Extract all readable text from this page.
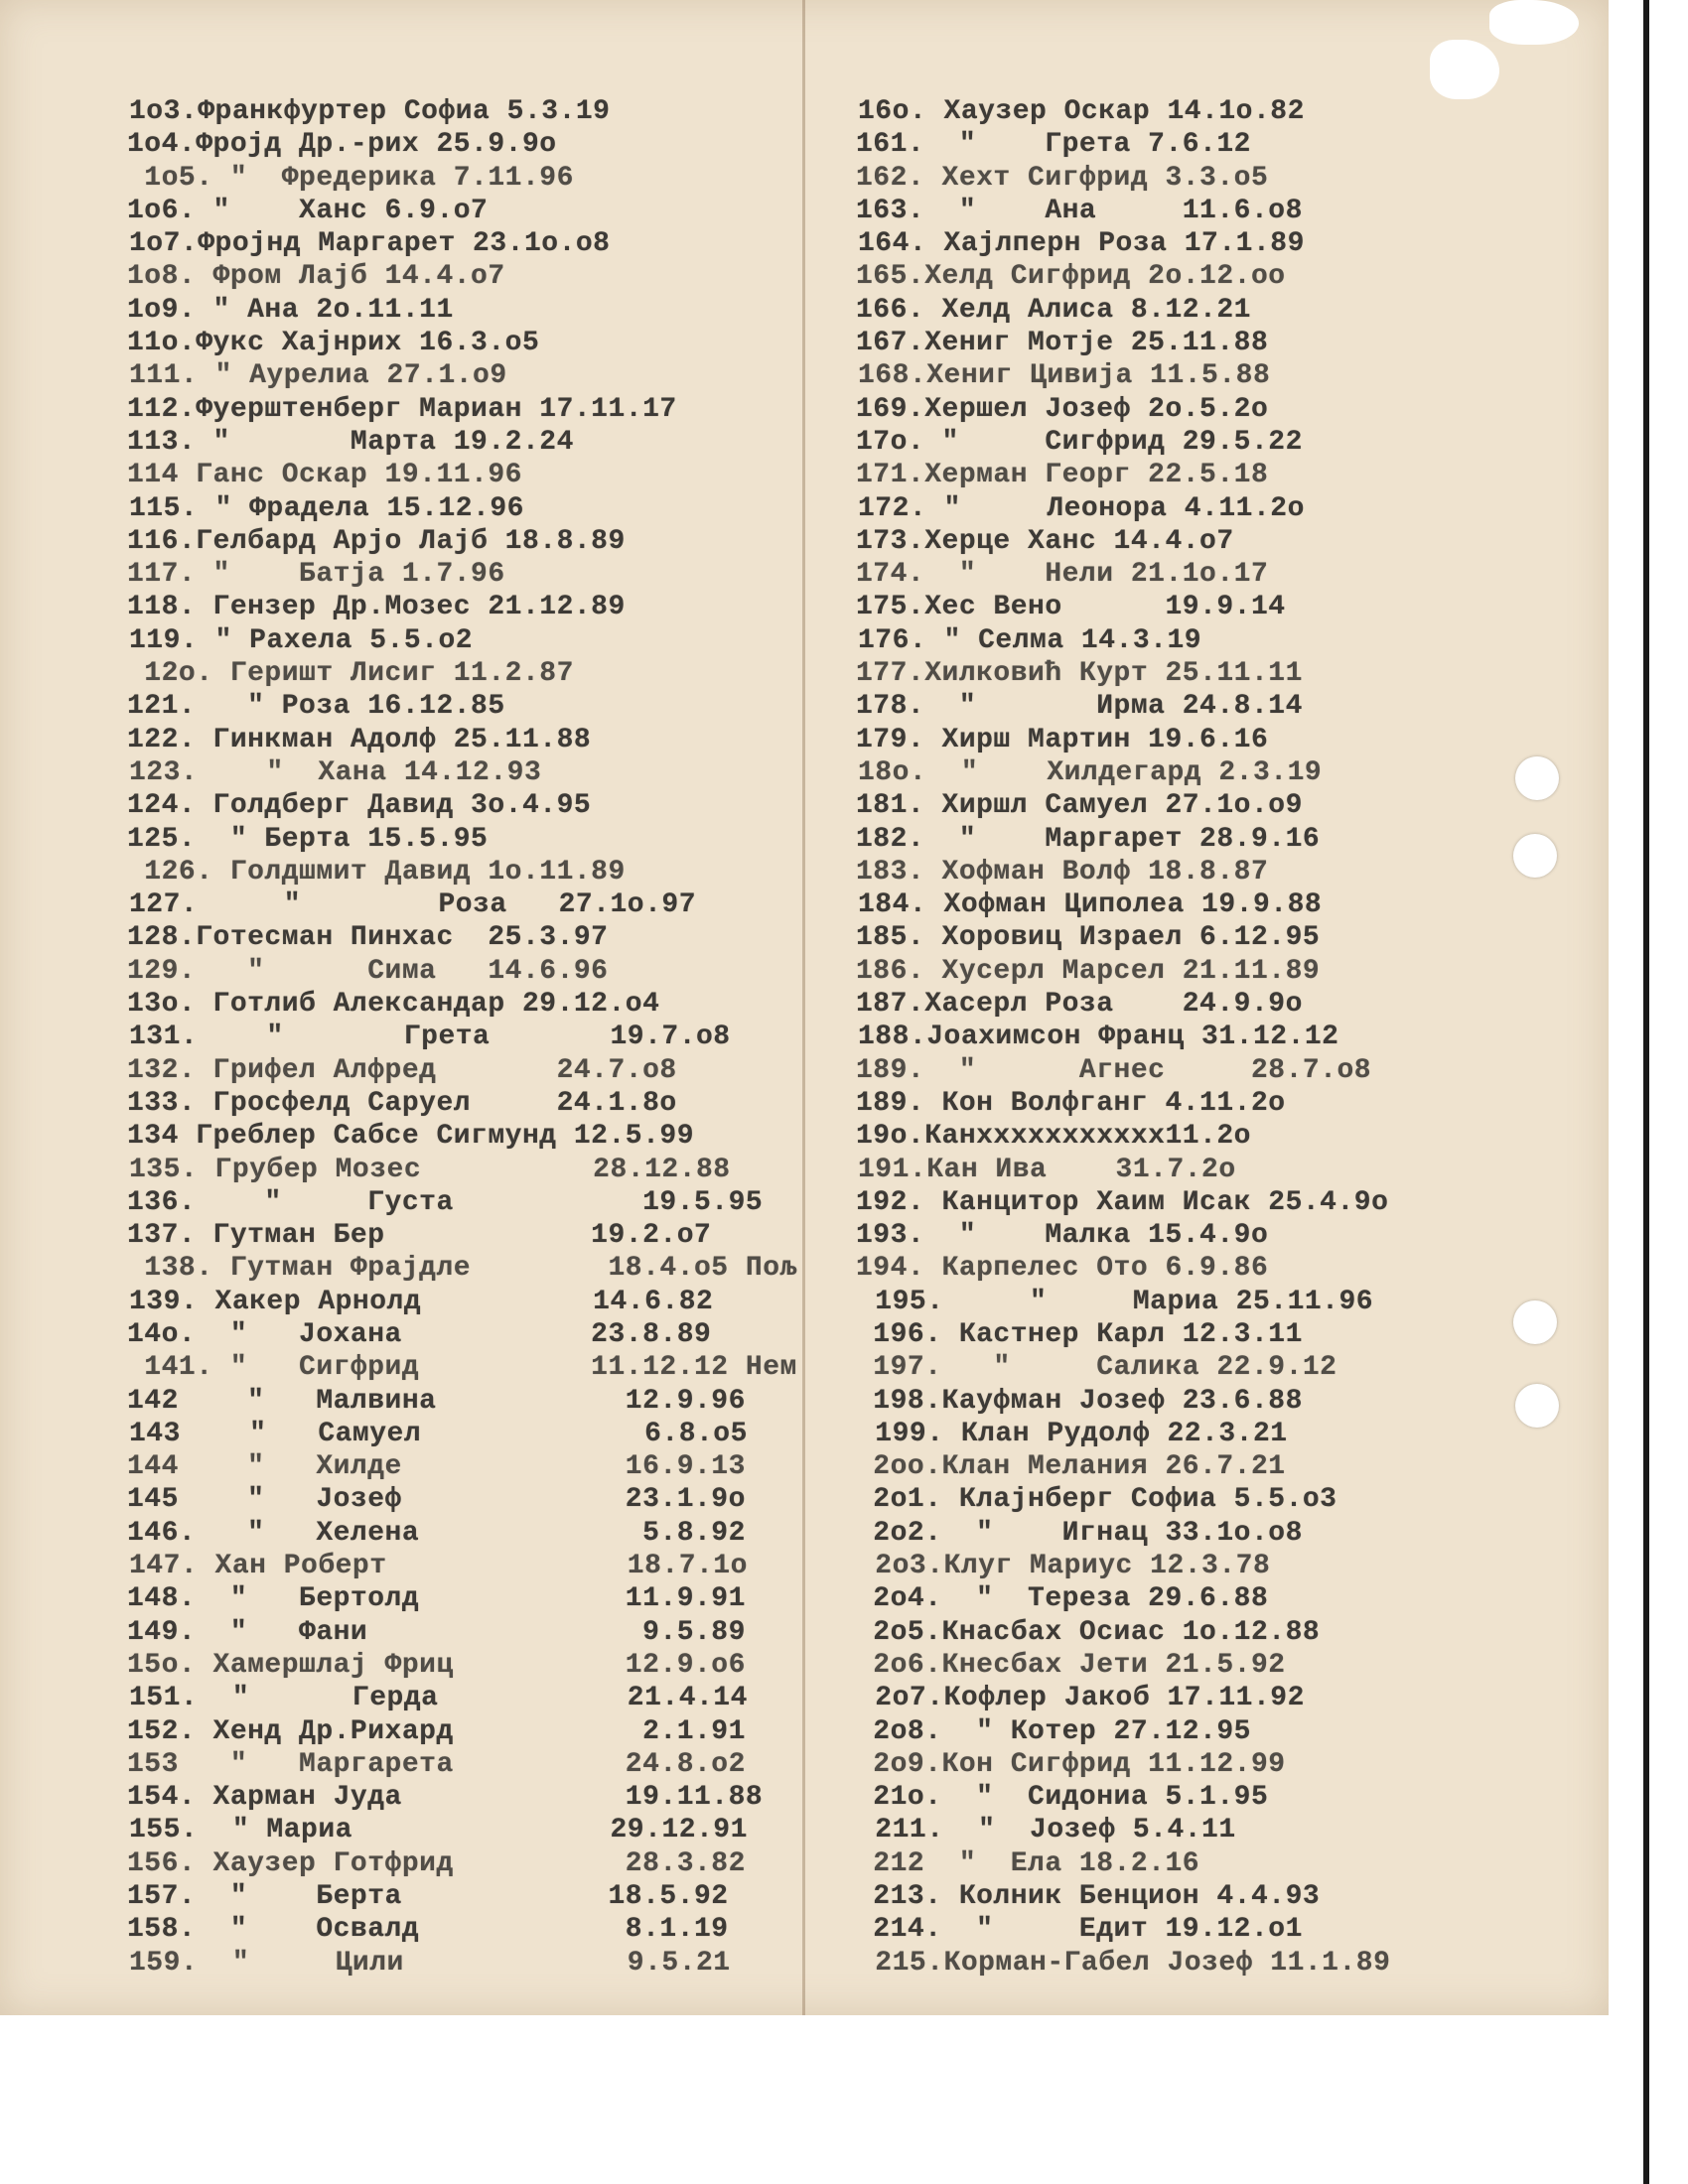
1o3.Франкфуртер Софиа 5.3.19
1o4.Фројд Др.-рих 25.9.9o
1o5. "  Фредерика 7.11.96
1o6. "    Ханс 6.9.o7
1o7.Фројнд Маргарет 23.1o.o8
1o8. Фром Лајб 14.4.o7
1o9. " Ана 2o.11.11
11o.Фукс Хајнрих 16.3.o5
111. " Аурелиа 27.1.o9
112.Фуерштенберг Мариан 17.11.17
113. "       Марта 19.2.24
114 Ганс Оскар 19.11.96
115. " Фрадела 15.12.96
116.Гелбард Арјо Лајб 18.8.89
117. "    Батја 1.7.96
118. Гензер Др.Мозес 21.12.89
119. " Рахела 5.5.o2
12o. Геришт Лисиг 11.2.87
121.   " Роза 16.12.85
122. Гинкман Адолф 25.11.88
123.    "  Хана 14.12.93
124. Голдберг Давид 3o.4.95
125.  " Берта 15.5.95
126. Голдшмит Давид 1o.11.89
127.     "        Роза   27.1o.97
128.Готесман Пинхас  25.3.97
129.   "      Сима   14.6.96
13o. Готлиб Александар 29.12.o4
131.    "       Грета       19.7.o8
132. Грифел Алфред       24.7.o8
133. Гросфелд Саруел     24.1.8o
134 Греблер Сабсе Сигмунд 12.5.99
135. Грубер Мозес          28.12.88
136.    "     Густа           19.5.95
137. Гутман Бер            19.2.o7
138. Гутман Фрајдле        18.4.o5 Пољ
139. Хакер Арнолд          14.6.82
14o.  "   Јохана           23.8.89
141. "   Сигфрид          11.12.12 Нем
142    "   Малвина           12.9.96
143    "   Самуел             6.8.o5
144    "   Хилде             16.9.13
145    "   Јозеф             23.1.9o
146.   "   Хелена             5.8.92
147. Хан Роберт              18.7.1o
148.  "   Бертолд            11.9.91
149.  "   Фани                9.5.89
15o. Хамершлај Фриц          12.9.o6
151.  "      Герда           21.4.14
152. Хенд Др.Рихард           2.1.91
153   "   Маргарета          24.8.o2
154. Харман Јуда             19.11.88
155.  " Мариа               29.12.91
156. Хаузер Готфрид          28.3.82
157.  "    Берта            18.5.92
158.  "    Освалд            8.1.19
159.  "     Цили             9.5.21
16o. Хаузер Оскар 14.1o.82
161.  "    Грета 7.6.12
162. Хехт Сигфрид 3.3.o5
163.  "    Ана     11.6.o8
164. Хајлперн Роза 17.1.89
165.Хелд Сигфрид 2o.12.oo
166. Хелд Алиса 8.12.21
167.Хениг Мотје 25.11.88
168.Хениг Цивија 11.5.88
169.Хершел Јозеф 2o.5.2o
17o. "     Сигфрид 29.5.22
171.Херман Георг 22.5.18
172. "     Леонора 4.11.2o
173.Херце Ханс 14.4.o7
174.  "    Нели 21.1o.17
175.Хес Вено      19.9.14
176. " Селма 14.3.19
177.Хилковић Курт 25.11.11
178.  "       Ирма 24.8.14
179. Хирш Мартин 19.6.16
18o.  "    Хилдегард 2.3.19
181. Хиршл Самуел 27.1o.o9
182.  "    Маргарет 28.9.16
183. Хофман Волф 18.8.87
184. Хофман Циполеа 19.9.88
185. Хоровиц Израел 6.12.95
186. Хусерл Марсел 21.11.89
187.Хасерл Роза    24.9.9o
188.Јоахимсон Франц 31.12.12
189.  "      Агнес     28.7.o8
189. Кон Волфганг 4.11.2o
19o.Канххххххххххх11.2o
191.Кан Ива    31.7.2o
192. Канцитор Хаим Исак 25.4.9o
193.  "    Малка 15.4.9o
194. Карпелес Ото 6.9.86
195.     "     Мариа 25.11.96
196. Кастнер Карл 12.3.11
197.   "     Салика 22.9.12
198.Кауфман Јозеф 23.6.88
199. Клан Рудолф 22.3.21
2oo.Клан Мелания 26.7.21
2o1. Клајнберг Софиа 5.5.o3
2o2.  "    Игнац 33.1o.o8
2o3.Клуг Мариус 12.3.78
2o4.  "  Тереза 29.6.88
2o5.Кнасбах Осиас 1o.12.88
2o6.Кнесбах Јети 21.5.92
2o7.Кофлер Јакоб 17.11.92
2o8.  " Котер 27.12.95
2o9.Кон Сигфрид 11.12.99
21o.  "  Сидониа 5.1.95
211.  "  Јозеф 5.4.11
212  "  Ела 18.2.16
213. Колник Бенцион 4.4.93
214.  "     Едит 19.12.o1
215.Корман-Габел Јозеф 11.1.89
